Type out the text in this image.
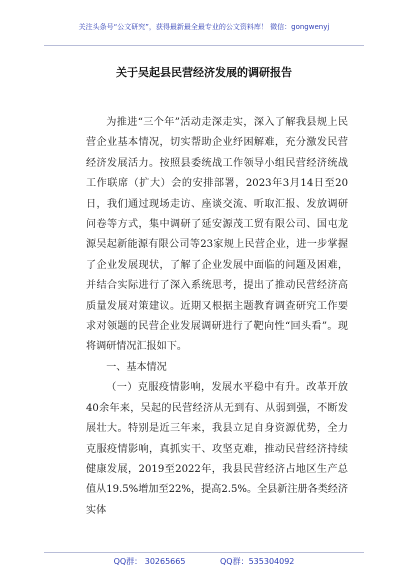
关注头条号“公文研究”，获得最新最全最专业的公文资料库！ 微信：gongwenyj
关于吴起县民营经济发展的调研报告

为推进“三个年”活动走深走实，深入了解我县规上民营企业基本情况，切实帮助企业纾困解难，充分激发民营经济发展活力。按照县委统战工作领导小组民营经济统战工作联席（扩大）会的安排部署，2023年3月14日至20日，我们通过现场走访、座谈交流、听取汇报、发放调研问卷等方式，集中调研了延安源茂工贸有限公司、国屯龙源吴起新能源有限公司等23家规上民营企业，进一步掌握了企业发展现状，了解了企业发展中面临的问题及困难，并结合实际进行了深入系统思考，提出了推动民营经济高质量发展对策建议。近期又根据主题教育调查研究工作要求对领题的民营企业发展调研进行了靶向性“回头看”。现将调研情况汇报如下。

一、基本情况

（一）克服疫情影响，发展水平稳中有升。改革开放40余年来，吴起的民营经济从无到有、从弱到强，不断发展壮大。特别是近三年来，我县立足自身资源优势，全力克服疫情影响，真抓实干、攻坚克难，推动民营经济持续健康发展，2019至2022年，我县民营经济占地区生产总值从19.5%增加至22%，提高2.5%。全县新注册各类经济实体

QQ群： 30265665	QQ群：535304092
